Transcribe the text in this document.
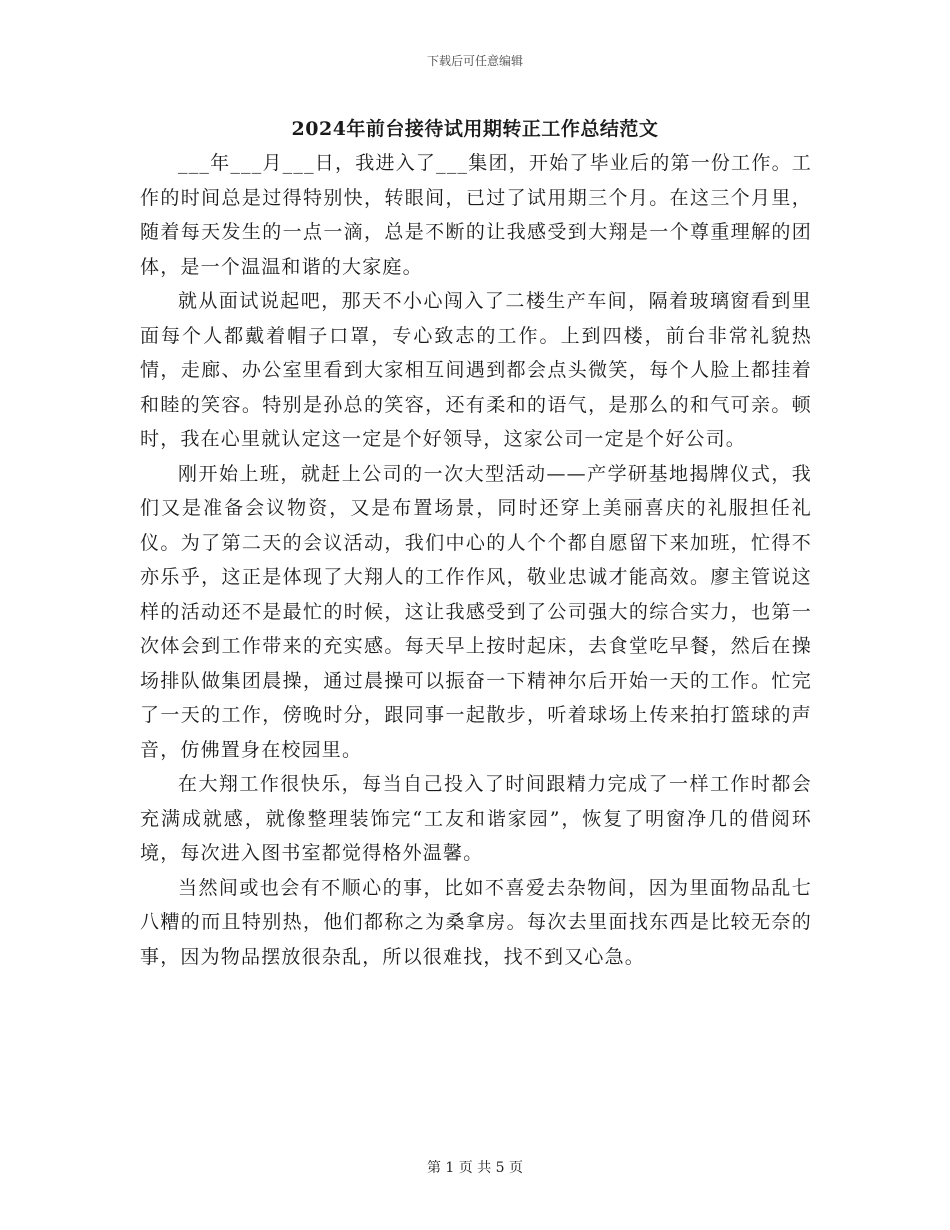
下载后可任意编辑
2024年前台接待试用期转正工作总结范文

___年___月___日，我进入了___集团，开始了毕业后的第一份工作。工作的时间总是过得特别快，转眼间，已过了试用期三个月。在这三个月里，随着每天发生的一点一滴，总是不断的让我感受到大翔是一个尊重理解的团体，是一个温温和谐的大家庭。

就从面试说起吧，那天不小心闯入了二楼生产车间，隔着玻璃窗看到里面每个人都戴着帽子口罩，专心致志的工作。上到四楼，前台非常礼貌热情，走廊、办公室里看到大家相互间遇到都会点头微笑，每个人脸上都挂着和睦的笑容。特别是孙总的笑容，还有柔和的语气，是那么的和气可亲。顿时，我在心里就认定这一定是个好领导，这家公司一定是个好公司。

刚开始上班，就赶上公司的一次大型活动——产学研基地揭牌仪式，我们又是准备会议物资，又是布置场景，同时还穿上美丽喜庆的礼服担任礼仪。为了第二天的会议活动，我们中心的人个个都自愿留下来加班，忙得不亦乐乎，这正是体现了大翔人的工作作风，敬业忠诚才能高效。廖主管说这样的活动还不是最忙的时候，这让我感受到了公司强大的综合实力，也第一次体会到工作带来的充实感。每天早上按时起床，去食堂吃早餐，然后在操场排队做集团晨操，通过晨操可以振奋一下精神尔后开始一天的工作。忙完了一天的工作，傍晚时分，跟同事一起散步，听着球场上传来拍打篮球的声音，仿佛置身在校园里。

在大翔工作很快乐，每当自己投入了时间跟精力完成了一样工作时都会充满成就感，就像整理装饰完“工友和谐家园”，恢复了明窗净几的借阅环境，每次进入图书室都觉得格外温馨。

当然间或也会有不顺心的事，比如不喜爱去杂物间，因为里面物品乱七八糟的而且特别热，他们都称之为桑拿房。每次去里面找东西是比较无奈的事，因为物品摆放很杂乱，所以很难找，找不到又心急。

第 1 页 共 5 页
